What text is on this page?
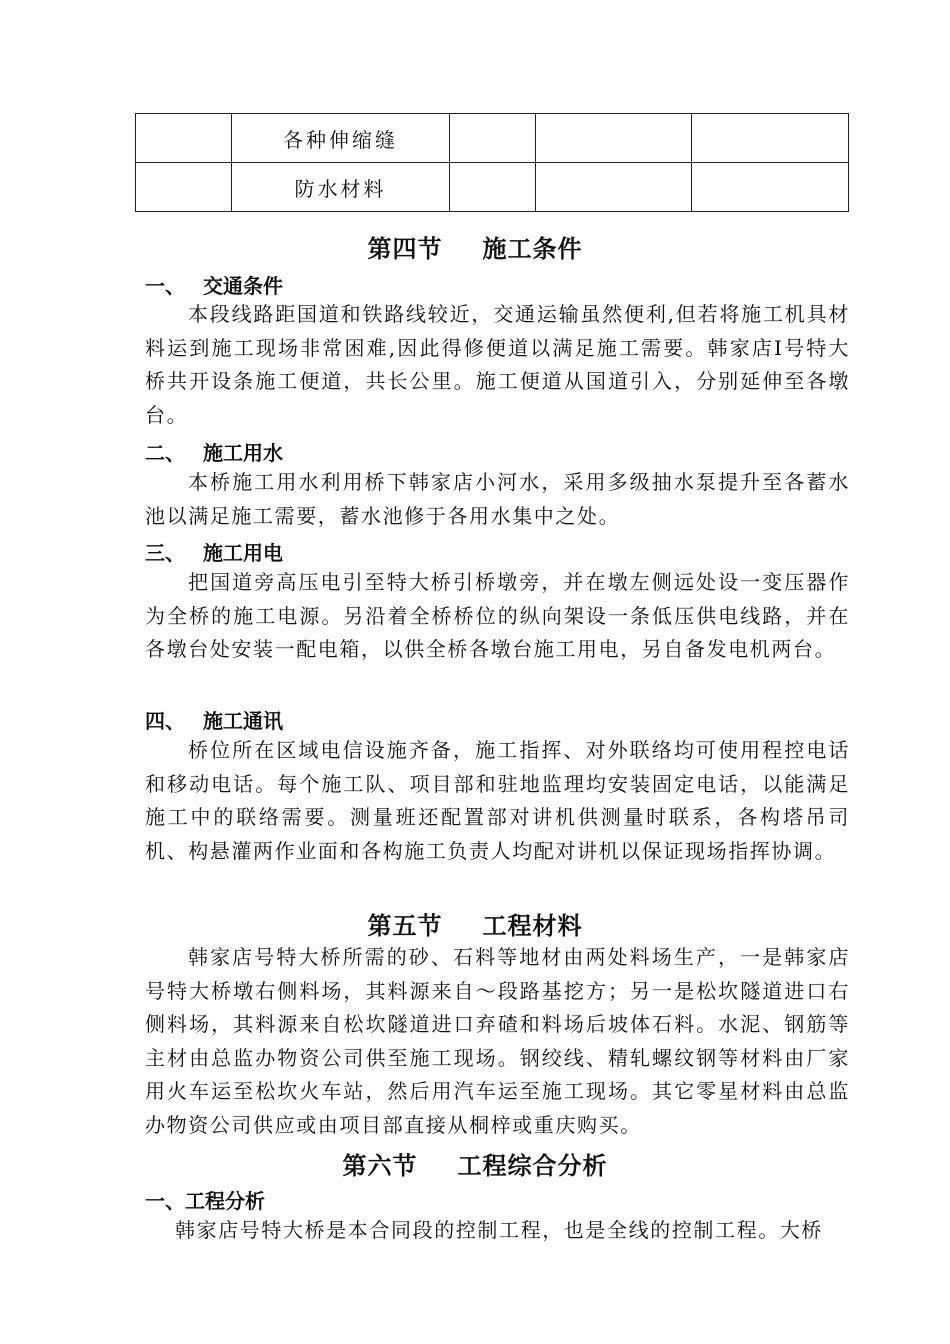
	各种伸缩缝			
	防水材料			
第四节 施工条件
一、 交通条件
本段线路距国道和铁路线较近，交通运输虽然便利,但若将施工机具材料运到施工现场非常困难,因此得修便道以满足施工需要。韩家店Ⅰ号特大桥共开设条施工便道，共长公里。施工便道从国道引入，分别延伸至各墩台。
二、 施工用水
本桥施工用水利用桥下韩家店小河水，采用多级抽水泵提升至各蓄水池以满足施工需要，蓄水池修于各用水集中之处。
三、 施工用电
把国道旁高压电引至特大桥引桥墩旁，并在墩左侧远处设一变压器作为全桥的施工电源。另沿着全桥桥位的纵向架设一条低压供电线路，并在各墩台处安装一配电箱，以供全桥各墩台施工用电，另自备发电机两台。
四、 施工通讯
桥位所在区域电信设施齐备，施工指挥、对外联络均可使用程控电话和移动电话。每个施工队、项目部和驻地监理均安装固定电话，以能满足施工中的联络需要。测量班还配置部对讲机供测量时联系，各构塔吊司机、构悬灌两作业面和各构施工负责人均配对讲机以保证现场指挥协调。
第五节 工程材料
韩家店号特大桥所需的砂、石料等地材由两处料场生产，一是韩家店号特大桥墩右侧料场，其料源来自～段路基挖方；另一是松坎隧道进口右侧料场，其料源来自松坎隧道进口弃碴和料场后坡体石料。水泥、钢筋等主材由总监办物资公司供至施工现场。钢绞线、精轧螺纹钢等材料由厂家用火车运至松坎火车站，然后用汽车运至施工现场。其它零星材料由总监办物资公司供应或由项目部直接从桐梓或重庆购买。
第六节 工程综合分析
一、工程分析
韩家店号特大桥是本合同段的控制工程，也是全线的控制工程。大桥
